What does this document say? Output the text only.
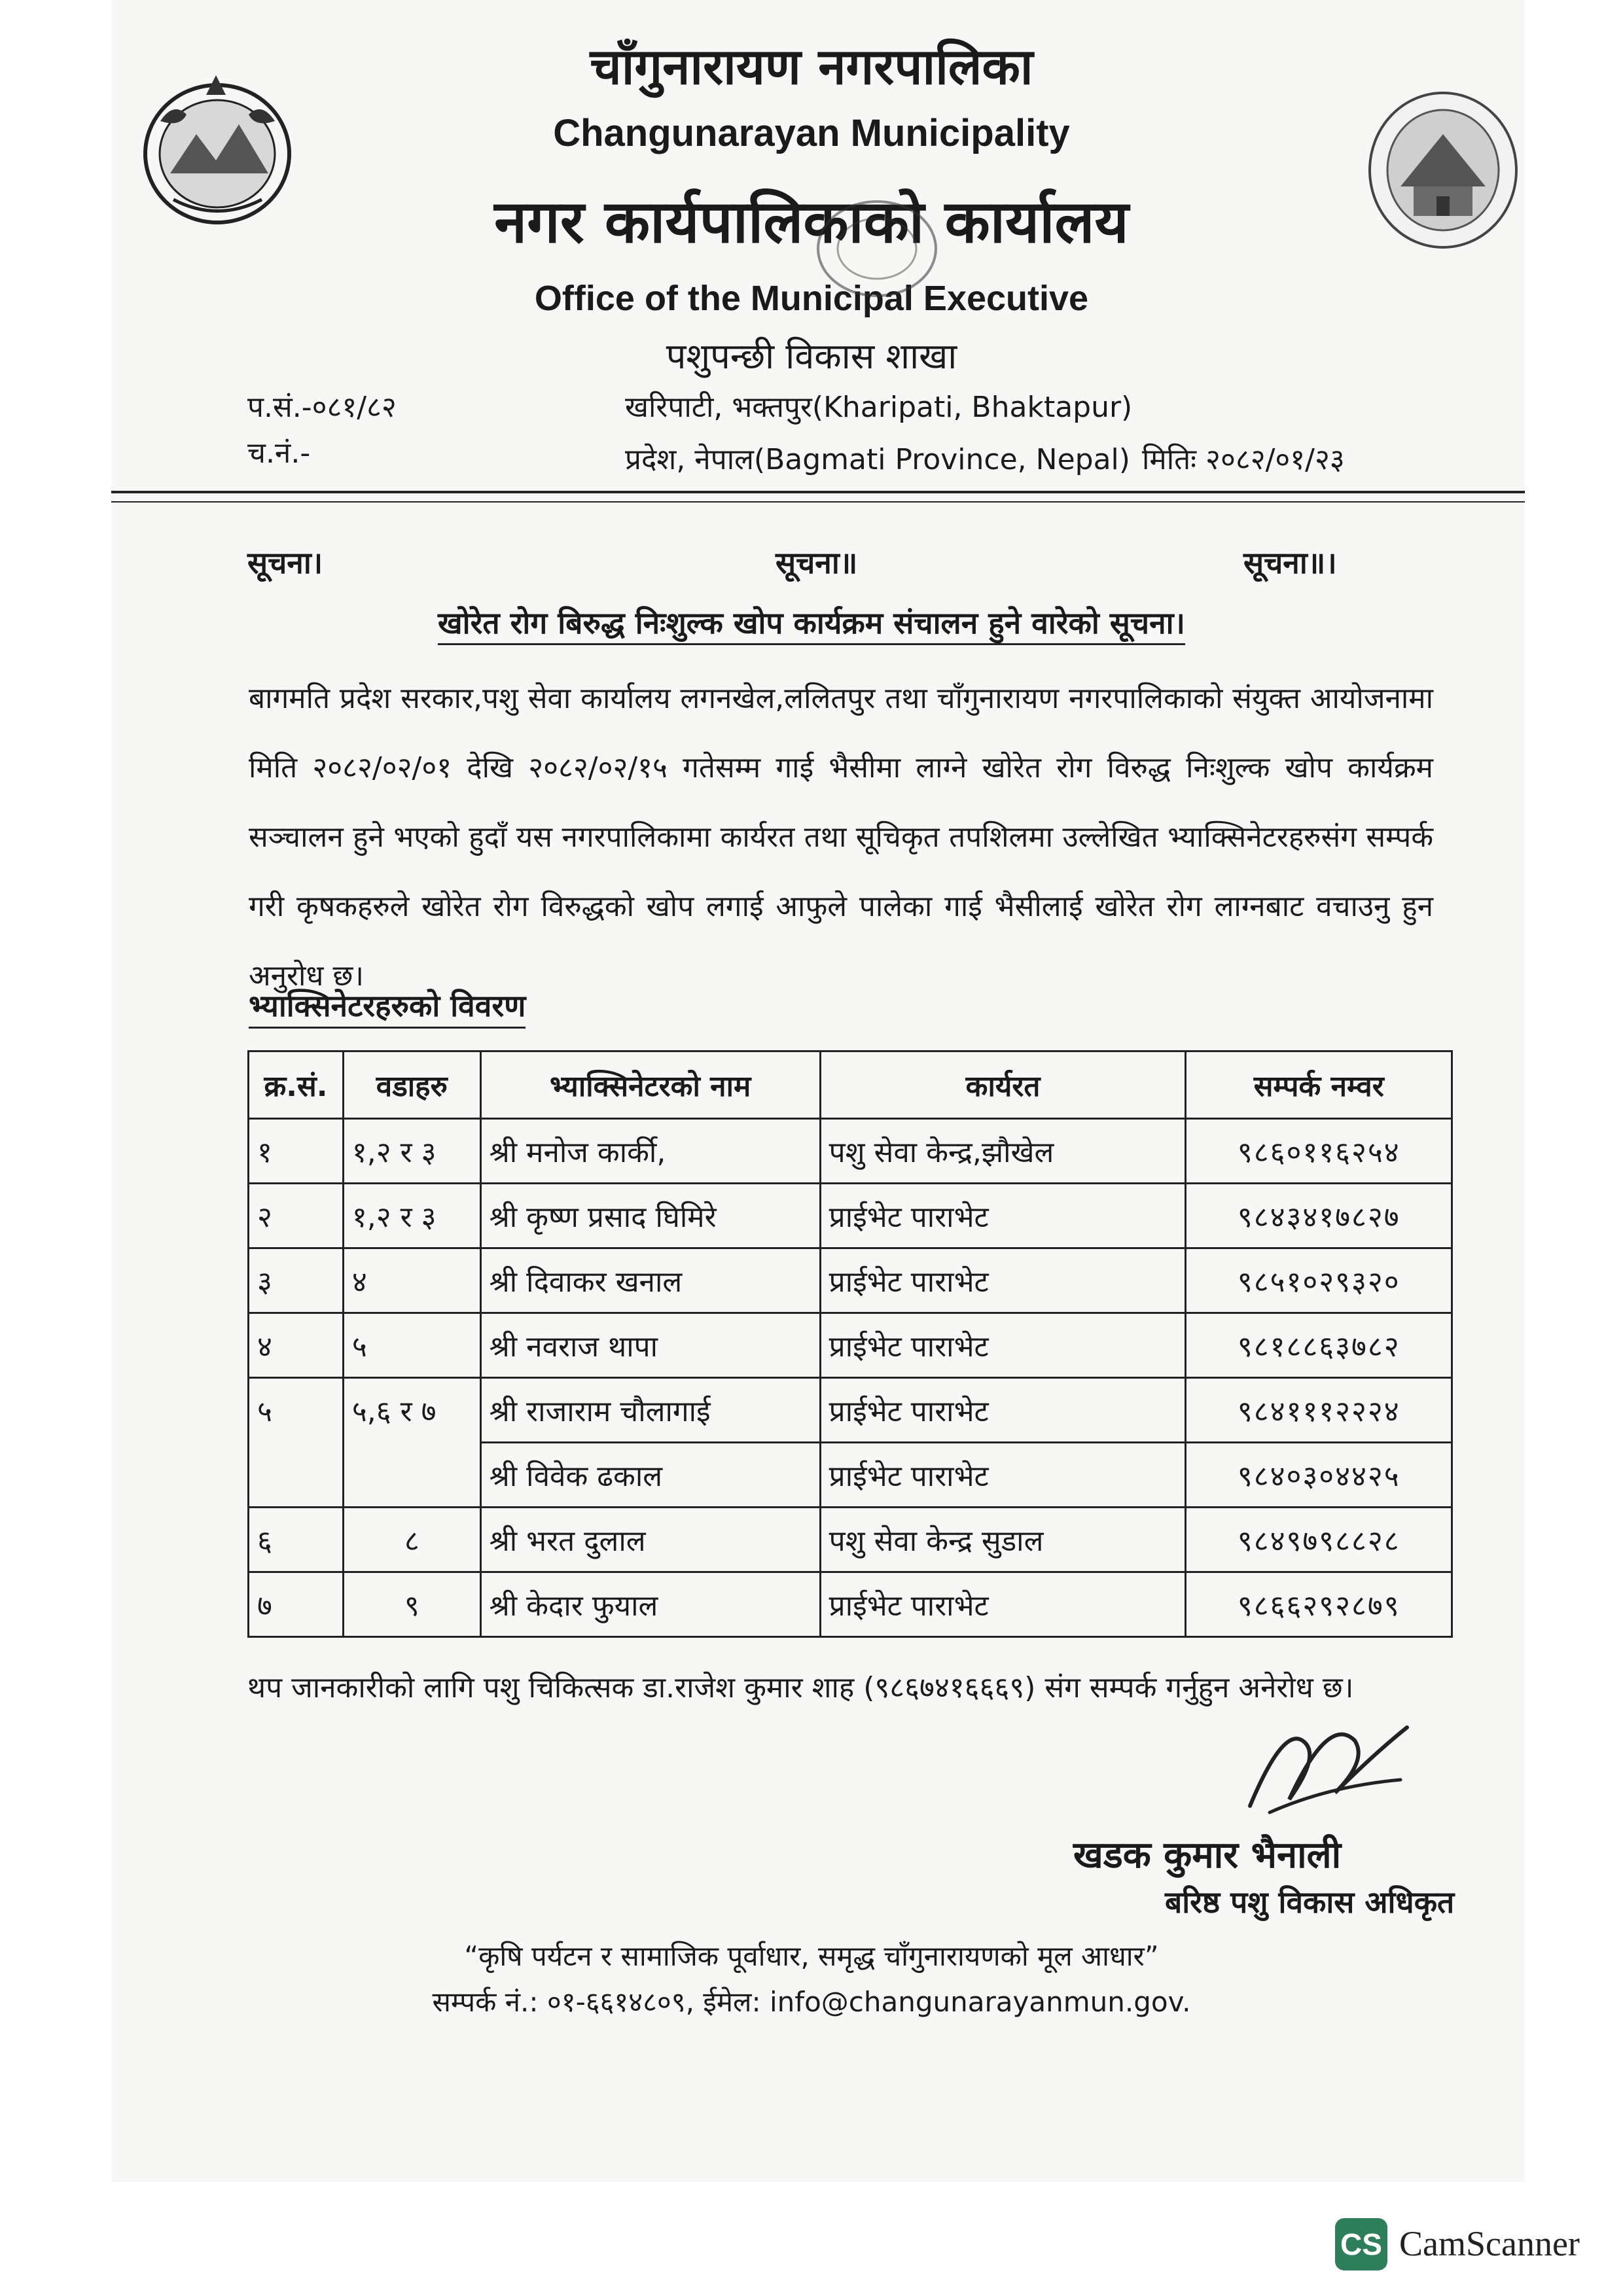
चाँगुनारायण नगरपालिका
Changunarayan Municipality
नगर कार्यपालिकाको कार्यालय
Office of the Municipal Executive
पशुपन्छी विकास शाखा
प.सं.-०८१/८२
च.नं.-
खरिपाटी, भक्तपुर(Kharipati, Bhaktapur)
प्रदेश, नेपाल(Bagmati Province, Nepal) मितिः २०८२/०१/२३
सूचना।	सूचना॥	सूचना॥।
खोरेत रोग बिरुद्ध निःशुल्क खोप कार्यक्रम संचालन हुने वारेको सूचना।
बागमति प्रदेश सरकार,पशु सेवा कार्यालय लगनखेल,ललितपुर तथा चाँगुनारायण नगरपालिकाको संयुक्त आयोजनामा मिति २०८२/०२/०१ देखि २०८२/०२/१५ गतेसम्म गाई भैसीमा लाग्ने खोरेत रोग विरुद्ध निःशुल्क खोप कार्यक्रम सञ्चालन हुने भएको हुदाँ यस नगरपालिकामा कार्यरत तथा सूचिकृत तपशिलमा उल्लेखित भ्याक्सिनेटरहरुसंग सम्पर्क गरी कृषकहरुले खोरेत रोग विरुद्धको खोप लगाई आफुले पालेका गाई भैसीलाई खोरेत रोग लाग्नबाट वचाउनु हुन अनुरोध छ।
भ्याक्सिनेटरहरुको विवरण
क्र.सं.	वडाहरु	भ्याक्सिनेटरको नाम	कार्यरत	सम्पर्क नम्वर
१	१,२ र ३	श्री मनोज कार्की,	पशु सेवा केन्द्र,झौखेल	९८६०११६२५४
२	१,२ र ३	श्री कृष्ण प्रसाद घिमिरे	प्राईभेट पाराभेट	९८४३४१७८२७
३	४	श्री दिवाकर खनाल	प्राईभेट पाराभेट	९८५१०२९३२०
४	५	श्री नवराज थापा	प्राईभेट पाराभेट	९८१८८६३७८२
५	५,६ र ७	श्री राजाराम चौलागाई	प्राईभेट पाराभेट	९८४१११२२२४
		श्री विवेक ढकाल	प्राईभेट पाराभेट	९८४०३०४४२५
६	८	श्री भरत दुलाल	पशु सेवा केन्द्र सुडाल	९८४९७९८८२८
७	९	श्री केदार फुयाल	प्राईभेट पाराभेट	९८६६२९२८७९
थप जानकारीको लागि पशु चिकित्सक डा.राजेश कुमार शाह (९८६७४१६६६९) संग सम्पर्क गर्नुहुन अनेरोध छ।
खडक कुमार भैनाली
बरिष्ठ पशु विकास अधिकृत
“कृषि पर्यटन र सामाजिक पूर्वाधार, समृद्ध चाँगुनारायणको मूल आधार”
सम्पर्क नं.: ०१-६६१४८०९, ईमेल: info@changunarayanmun.gov.
CS CamScanner
